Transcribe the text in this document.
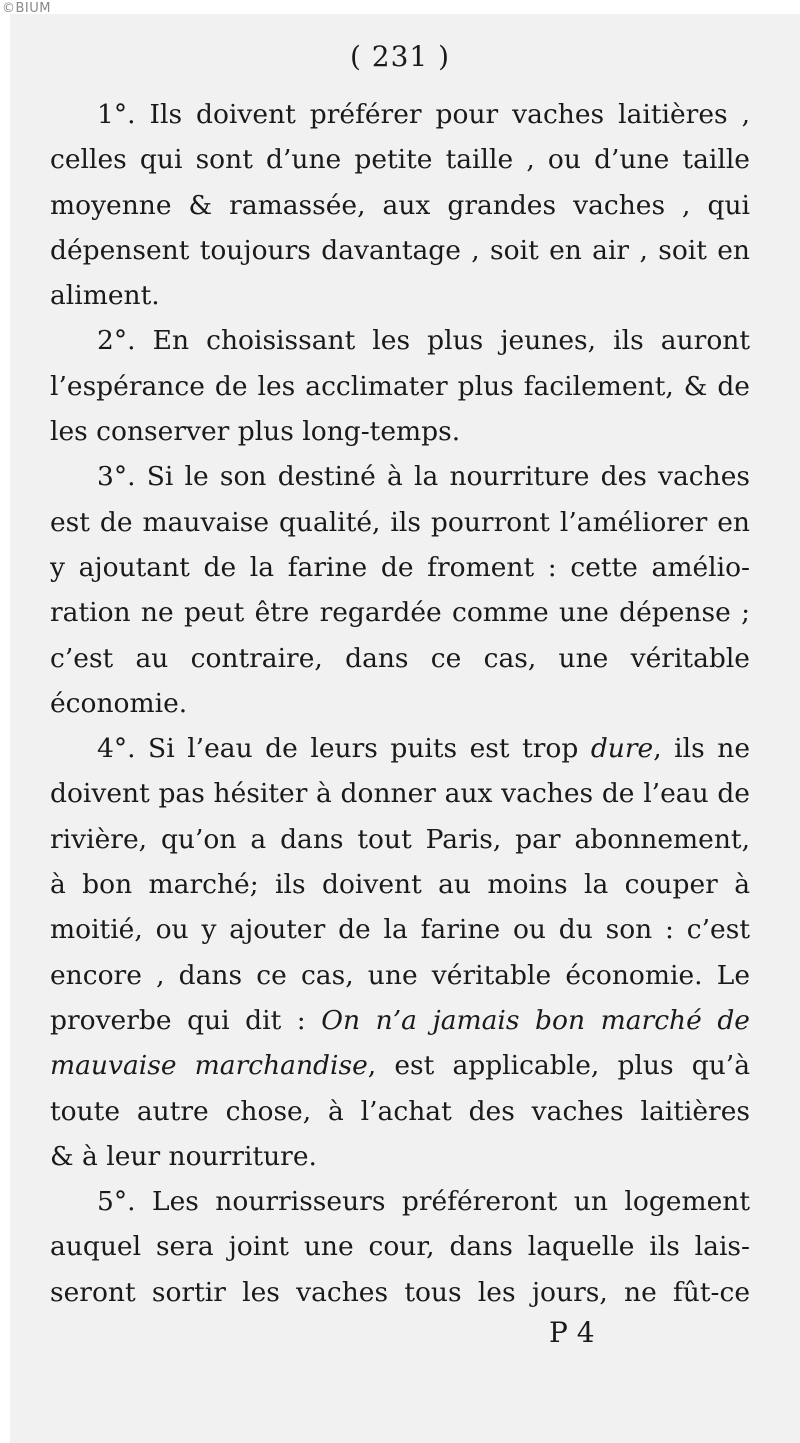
©BIUM
( 231 )
1°. Ils doivent préférer pour vaches laitières ,
celles qui sont d’une petite taille , ou d’une taille
moyenne & ramassée, aux grandes vaches , qui
dépensent toujours davantage , soit en air , soit en
aliment.
2°. En choisissant les plus jeunes, ils auront
l’espérance de les acclimater plus facilement, & de
les conserver plus long-temps.
3°. Si le son destiné à la nourriture des vaches
est de mauvaise qualité, ils pourront l’améliorer en
y ajoutant de la farine de froment : cette amélio-
ration ne peut être regardée comme une dépense ;
c’est au contraire, dans ce cas, une véritable
économie.
4°. Si l’eau de leurs puits est trop dure, ils ne
doivent pas hésiter à donner aux vaches de l’eau de
rivière, qu’on a dans tout Paris, par abonnement,
à bon marché; ils doivent au moins la couper à
moitié, ou y ajouter de la farine ou du son : c’est
encore , dans ce cas, une véritable économie. Le
proverbe qui dit : On n’a jamais bon marché de
mauvaise marchandise, est applicable, plus qu’à
toute autre chose, à l’achat des vaches laitières
& à leur nourriture.
5°. Les nourrisseurs préféreront un logement
auquel sera joint une cour, dans laquelle ils lais-
seront sortir les vaches tous les jours, ne fût-ce
P 4
